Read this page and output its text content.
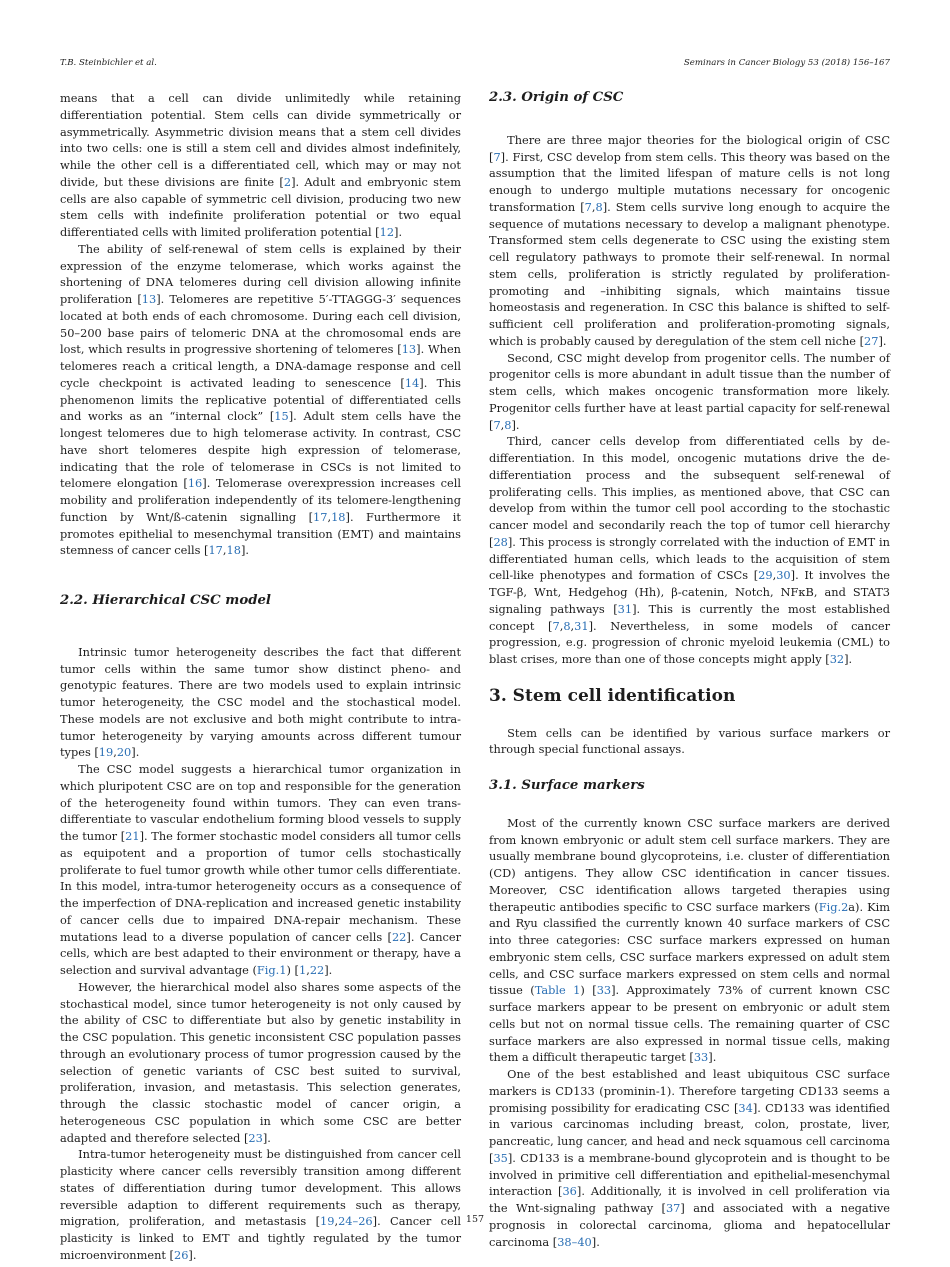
T.B. Steinbichler et al.	Seminars in Cancer Biology 53 (2018) 156–167

means that a cell can divide unlimitedly while retaining differentiation potential. Stem cells can divide symmetrically or asymmetrically. Asymmetric division means that a stem cell divides into two cells: one is still a stem cell and divides almost indefinitely, while the other cell is a differentiated cell, which may or may not divide, but these divisions are finite [2]. Adult and embryonic stem cells are also capable of symmetric cell division, producing two new stem cells with indefinite proliferation potential or two equal differentiated cells with limited proliferation potential [12].

The ability of self-renewal of stem cells is explained by their expression of the enzyme telomerase, which works against the shortening of DNA telomeres during cell division allowing infinite proliferation [13]. Telomeres are repetitive 5′-TTAGGG-3′ sequences located at both ends of each chromosome. During each cell division, 50–200 base pairs of telomeric DNA at the chromosomal ends are lost, which results in progressive shortening of telomeres [13]. When telomeres reach a critical length, a DNA-damage response and cell cycle checkpoint is activated leading to senescence [14]. This phenomenon limits the replicative potential of differentiated cells and works as an “internal clock” [15]. Adult stem cells have the longest telomeres due to high telomerase activity. In contrast, CSC have short telomeres despite high expression of telomerase, indicating that the role of telomerase in CSCs is not limited to telomere elongation [16]. Telomerase overexpression increases cell mobility and proliferation independently of its telomere-lengthening function by Wnt/ß-catenin signalling [17,18]. Furthermore it promotes epithelial to mesenchymal transition (EMT) and maintains stemness of cancer cells [17,18].

2.2. Hierarchical CSC model

Intrinsic tumor heterogeneity describes the fact that different tumor cells within the same tumor show distinct pheno- and genotypic features. There are two models used to explain intrinsic tumor heterogeneity, the CSC model and the stochastical model. These models are not exclusive and both might contribute to intra-tumor heterogeneity by varying amounts across different tumour types [19,20].

The CSC model suggests a hierarchical tumor organization in which pluripotent CSC are on top and responsible for the generation of the heterogeneity found within tumors. They can even trans-differentiate to vascular endothelium forming blood vessels to supply the tumor [21]. The former stochastic model considers all tumor cells as equipotent and a proportion of tumor cells stochastically proliferate to fuel tumor growth while other tumor cells differentiate. In this model, intra-tumor heterogeneity occurs as a consequence of the imperfection of DNA-replication and increased genetic instability of cancer cells due to impaired DNA-repair mechanism. These mutations lead to a diverse population of cancer cells [22]. Cancer cells, which are best adapted to their environment or therapy, have a selection and survival advantage (Fig.1) [1,22].

However, the hierarchical model also shares some aspects of the stochastical model, since tumor heterogeneity is not only caused by the ability of CSC to differentiate but also by genetic instability in the CSC population. This genetic inconsistent CSC population passes through an evolutionary process of tumor progression caused by the selection of genetic variants of CSC best suited to survival, proliferation, invasion, and metastasis. This selection generates, through the classic stochastic model of cancer origin, a heterogeneous CSC population in which some CSC are better adapted and therefore selected [23].

Intra-tumor heterogeneity must be distinguished from cancer cell plasticity where cancer cells reversibly transition among different states of differentiation during tumor development. This allows reversible adaption to different requirements such as therapy, migration, proliferation, and metastasis [19,24–26]. Cancer cell plasticity is linked to EMT and tightly regulated by the tumor microenvironment [26].

2.3. Origin of CSC

There are three major theories for the biological origin of CSC [7]. First, CSC develop from stem cells. This theory was based on the assumption that the limited lifespan of mature cells is not long enough to undergo multiple mutations necessary for oncogenic transformation [7,8]. Stem cells survive long enough to acquire the sequence of mutations necessary to develop a malignant phenotype. Transformed stem cells degenerate to CSC using the existing stem cell regulatory pathways to promote their self-renewal. In normal stem cells, proliferation is strictly regulated by proliferation-promoting and –inhibiting signals, which maintains tissue homeostasis and regeneration. In CSC this balance is shifted to self-sufficient cell proliferation and proliferation-promoting signals, which is probably caused by deregulation of the stem cell niche [27].

Second, CSC might develop from progenitor cells. The number of progenitor cells is more abundant in adult tissue than the number of stem cells, which makes oncogenic transformation more likely. Progenitor cells further have at least partial capacity for self-renewal [7,8].

Third, cancer cells develop from differentiated cells by de-differentiation. In this model, oncogenic mutations drive the de-differentiation process and the subsequent self-renewal of proliferating cells. This implies, as mentioned above, that CSC can develop from within the tumor cell pool according to the stochastic cancer model and secondarily reach the top of tumor cell hierarchy [28]. This process is strongly correlated with the induction of EMT in differentiated human cells, which leads to the acquisition of stem cell-like phenotypes and formation of CSCs [29,30]. It involves the TGF-β, Wnt, Hedgehog (Hh), β-catenin, Notch, NFκB, and STAT3 signaling pathways [31]. This is currently the most established concept [7,8,31]. Nevertheless, in some models of cancer progression, e.g. progression of chronic myeloid leukemia (CML) to blast crises, more than one of those concepts might apply [32].

3. Stem cell identification

Stem cells can be identified by various surface markers or through special functional assays.

3.1. Surface markers

Most of the currently known CSC surface markers are derived from known embryonic or adult stem cell surface markers. They are usually membrane bound glycoproteins, i.e. cluster of differentiation (CD) antigens. They allow CSC identification in cancer tissues. Moreover, CSC identification allows targeted therapies using therapeutic antibodies specific to CSC surface markers (Fig.2a). Kim and Ryu classified the currently known 40 surface markers of CSC into three categories: CSC surface markers expressed on human embryonic stem cells, CSC surface markers expressed on adult stem cells, and CSC surface markers expressed on stem cells and normal tissue (Table 1) [33]. Approximately 73% of current known CSC surface markers appear to be present on embryonic or adult stem cells but not on normal tissue cells. The remaining quarter of CSC surface markers are also expressed in normal tissue cells, making them a difficult therapeutic target [33].

One of the best established and least ubiquitous CSC surface markers is CD133 (prominin-1). Therefore targeting CD133 seems a promising possibility for eradicating CSC [34]. CD133 was identified in various carcinomas including breast, colon, prostate, liver, pancreatic, lung cancer, and head and neck squamous cell carcinoma [35]. CD133 is a membrane-bound glycoprotein and is thought to be involved in primitive cell differentiation and epithelial-mesenchymal interaction [36]. Additionally, it is involved in cell proliferation via the Wnt-signaling pathway [37] and associated with a negative prognosis in colorectal carcinoma, glioma and hepatocellular carcinoma [38–40].

157
